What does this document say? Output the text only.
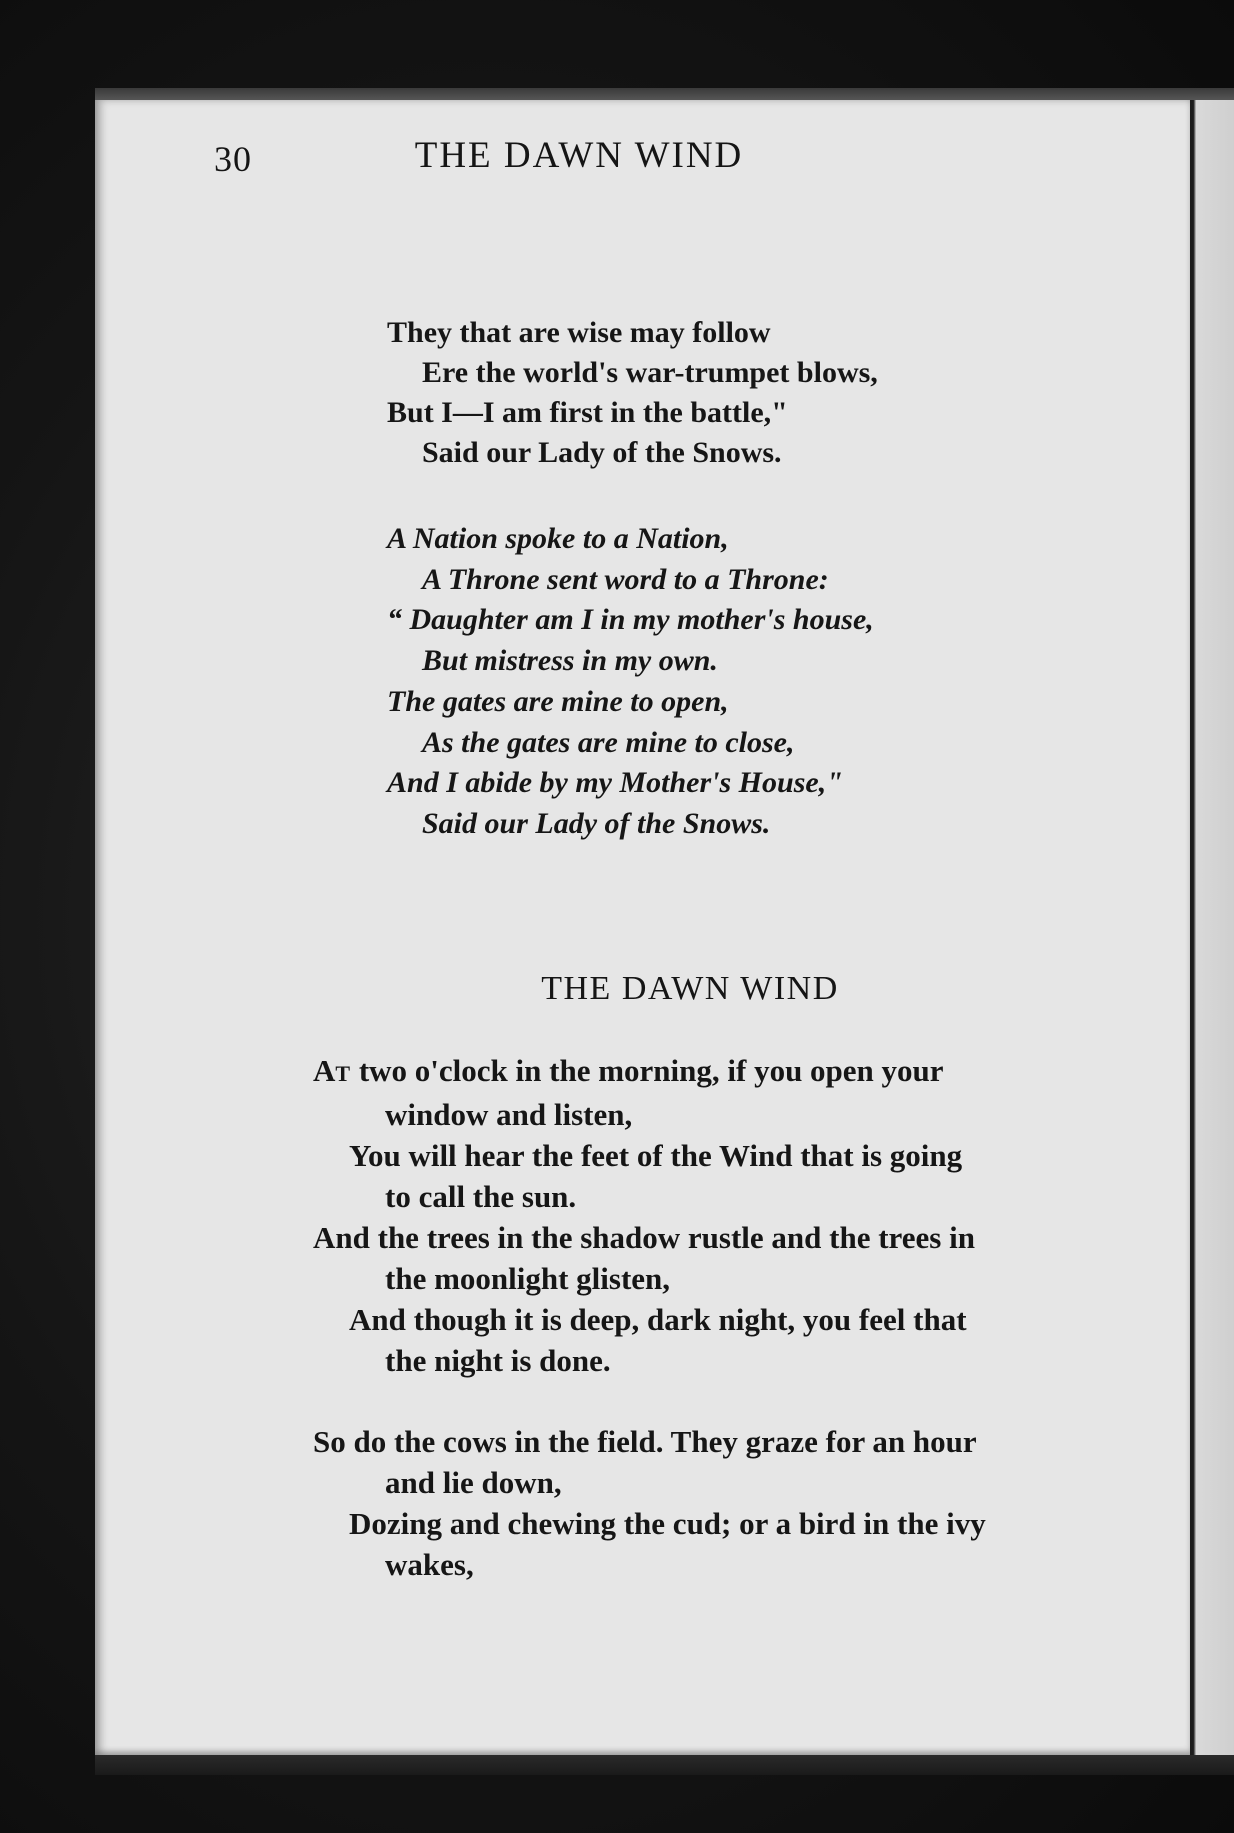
30	THE DAWN WIND
They that are wise may follow
Ere the world's war-trumpet blows,
But I—I am first in the battle,"
Said our Lady of the Snows.
A Nation spoke to a Nation,
A Throne sent word to a Throne:
“ Daughter am I in my mother's house,
But mistress in my own.
The gates are mine to open,
As the gates are mine to close,
And I abide by my Mother's House,"
Said our Lady of the Snows.
THE DAWN WIND
AT two o'clock in the morning, if you open your
window and listen,
You will hear the feet of the Wind that is going
to call the sun.
And the trees in the shadow rustle and the trees in
the moonlight glisten,
And though it is deep, dark night, you feel that
the night is done.
So do the cows in the field. They graze for an hour
and lie down,
Dozing and chewing the cud; or a bird in the ivy
wakes,
